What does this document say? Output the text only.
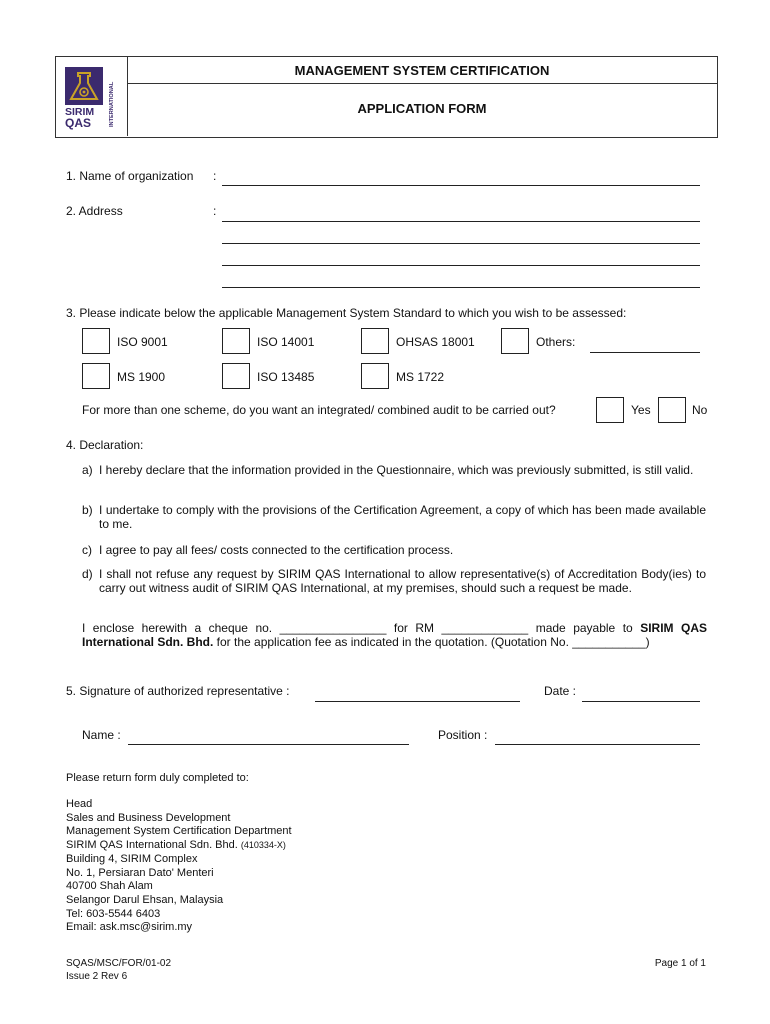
SIRIM
QAS	INTERNATIONAL
MANAGEMENT SYSTEM CERTIFICATION
APPLICATION FORM
1. Name of organization :
2. Address	:
3. Please indicate below the applicable Management System Standard to which you wish to be assessed:
ISO 9001	ISO 14001	OHSAS 18001	Others:
MS 1900	ISO 13485	MS 1722
For more than one scheme, do you want an integrated/ combined audit to be carried out?	Yes	No
4. Declaration:
a) I hereby declare that the information provided in the Questionnaire, which was previously submitted, is still valid.
b) I undertake to comply with the provisions of the Certification Agreement, a copy of which has been made available to me.
c) I agree to pay all fees/ costs connected to the certification process.
d) I shall not refuse any request by SIRIM QAS International to allow representative(s) of Accreditation Body(ies) to carry out witness audit of SIRIM QAS International, at my premises, should such a request be made.
I enclose herewith a cheque no. ________________ for RM _____________ made payable to SIRIM QAS International Sdn. Bhd. for the application fee as indicated in the quotation. (Quotation No. ___________)
5. Signature of authorized representative :	Date :
Name :	Position :
Please return form duly completed to:
Head
Sales and Business Development
Management System Certification Department
SIRIM QAS International Sdn. Bhd. (410334-X)
Building 4, SIRIM Complex
No. 1, Persiaran Dato' Menteri
40700 Shah Alam
Selangor Darul Ehsan, Malaysia
Tel: 603-5544 6403
Email: ask.msc@sirim.my
SQAS/MSC/FOR/01-02
Issue 2 Rev 6
Page 1 of 1
